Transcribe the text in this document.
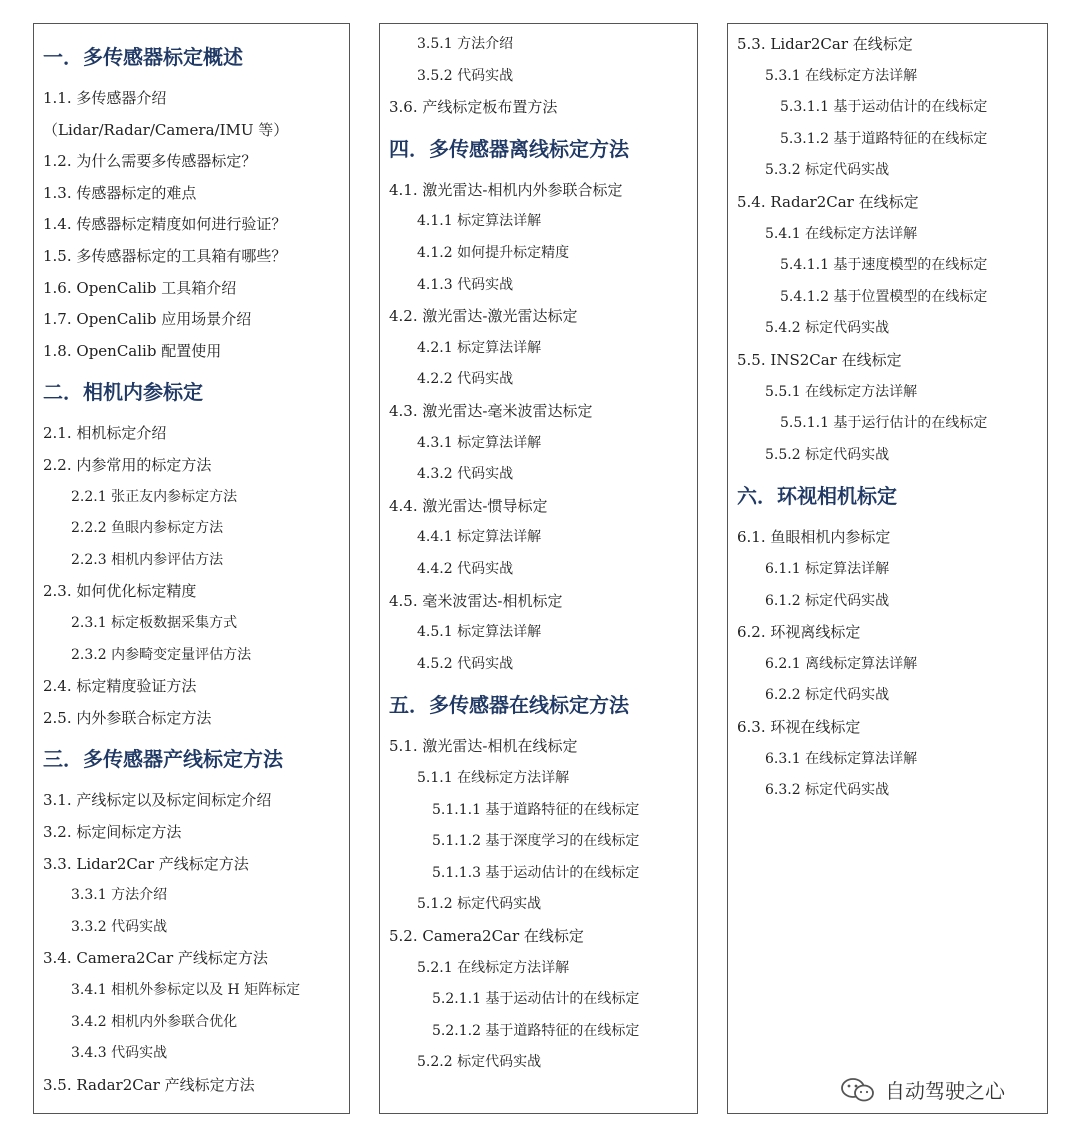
自动驾驶之心
一．多传感器标定概述
1.1. 多传感器介绍
（Lidar/Radar/Camera/IMU 等）
1.2. 为什么需要多传感器标定？
1.3. 传感器标定的难点
1.4. 传感器标定精度如何进行验证？
1.5. 多传感器标定的工具箱有哪些？
1.6. OpenCalib 工具箱介绍
1.7. OpenCalib 应用场景介绍
1.8. OpenCalib 配置使用
二．相机内参标定
2.1. 相机标定介绍
2.2. 内参常用的标定方法
2.2.1 张正友内参标定方法
2.2.2 鱼眼内参标定方法
2.2.3 相机内参评估方法
2.3. 如何优化标定精度
2.3.1 标定板数据采集方式
2.3.2 内参畸变定量评估方法
2.4. 标定精度验证方法
2.5. 内外参联合标定方法
三．多传感器产线标定方法
3.1. 产线标定以及标定间标定介绍
3.2. 标定间标定方法
3.3. Lidar2Car 产线标定方法
3.3.1 方法介绍
3.3.2 代码实战
3.4. Camera2Car 产线标定方法
3.4.1 相机外参标定以及 H 矩阵标定
3.4.2 相机内外参联合优化
3.4.3 代码实战
3.5. Radar2Car 产线标定方法
3.5.1 方法介绍
3.5.2 代码实战
3.6. 产线标定板布置方法
四．多传感器离线标定方法
4.1. 激光雷达-相机内外参联合标定
4.1.1 标定算法详解
4.1.2 如何提升标定精度
4.1.3 代码实战
4.2. 激光雷达-激光雷达标定
4.2.1 标定算法详解
4.2.2 代码实战
4.3. 激光雷达-毫米波雷达标定
4.3.1 标定算法详解
4.3.2 代码实战
4.4. 激光雷达-惯导标定
4.4.1 标定算法详解
4.4.2 代码实战
4.5. 毫米波雷达-相机标定
4.5.1 标定算法详解
4.5.2 代码实战
五．多传感器在线标定方法
5.1. 激光雷达-相机在线标定
5.1.1 在线标定方法详解
5.1.1.1 基于道路特征的在线标定
5.1.1.2 基于深度学习的在线标定
5.1.1.3 基于运动估计的在线标定
5.1.2 标定代码实战
5.2. Camera2Car 在线标定
5.2.1 在线标定方法详解
5.2.1.1 基于运动估计的在线标定
5.2.1.2 基于道路特征的在线标定
5.2.2 标定代码实战
5.3. Lidar2Car 在线标定
5.3.1 在线标定方法详解
5.3.1.1 基于运动估计的在线标定
5.3.1.2 基于道路特征的在线标定
5.3.2 标定代码实战
5.4. Radar2Car 在线标定
5.4.1 在线标定方法详解
5.4.1.1 基于速度模型的在线标定
5.4.1.2 基于位置模型的在线标定
5.4.2 标定代码实战
5.5. INS2Car 在线标定
5.5.1 在线标定方法详解
5.5.1.1 基于运行估计的在线标定
5.5.2 标定代码实战
六．环视相机标定
6.1. 鱼眼相机内参标定
6.1.1 标定算法详解
6.1.2 标定代码实战
6.2. 环视离线标定
6.2.1 离线标定算法详解
6.2.2 标定代码实战
6.3. 环视在线标定
6.3.1 在线标定算法详解
6.3.2 标定代码实战
